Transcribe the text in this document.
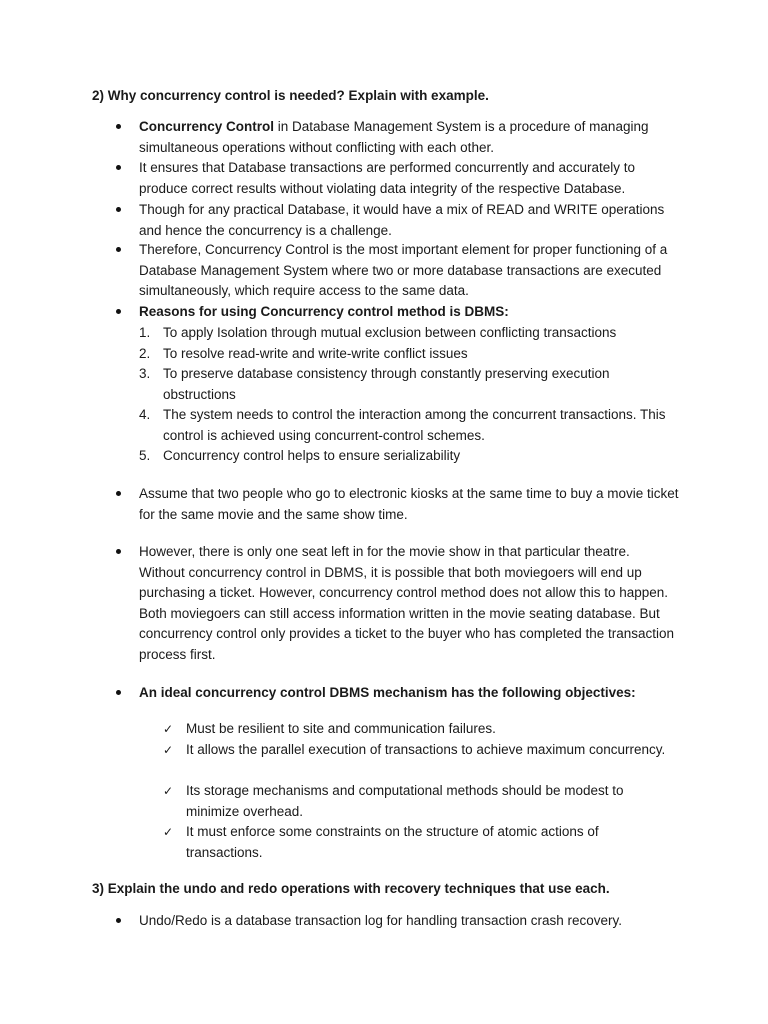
2) Why concurrency control is needed? Explain with example.
Concurrency Control in Database Management System is a procedure of managing simultaneous operations without conflicting with each other.
It ensures that Database transactions are performed concurrently and accurately to produce correct results without violating data integrity of the respective Database.
Though for any practical Database, it would have a mix of READ and WRITE operations and hence the concurrency is a challenge.
Therefore, Concurrency Control is the most important element for proper functioning of a Database Management System where two or more database transactions are executed simultaneously, which require access to the same data.
Reasons for using Concurrency control method is DBMS:
1. To apply Isolation through mutual exclusion between conflicting transactions
2. To resolve read-write and write-write conflict issues
3. To preserve database consistency through constantly preserving execution obstructions
4. The system needs to control the interaction among the concurrent transactions. This control is achieved using concurrent-control schemes.
5. Concurrency control helps to ensure serializability
Assume that two people who go to electronic kiosks at the same time to buy a movie ticket for the same movie and the same show time.
However, there is only one seat left in for the movie show in that particular theatre. Without concurrency control in DBMS, it is possible that both moviegoers will end up purchasing a ticket. However, concurrency control method does not allow this to happen. Both moviegoers can still access information written in the movie seating database. But concurrency control only provides a ticket to the buyer who has completed the transaction process first.
An ideal concurrency control DBMS mechanism has the following objectives:
✓ Must be resilient to site and communication failures.
✓ It allows the parallel execution of transactions to achieve maximum concurrency.
✓ Its storage mechanisms and computational methods should be modest to minimize overhead.
✓ It must enforce some constraints on the structure of atomic actions of transactions.
3) Explain the undo and redo operations with recovery techniques that use each.
Undo/Redo is a database transaction log for handling transaction crash recovery.
